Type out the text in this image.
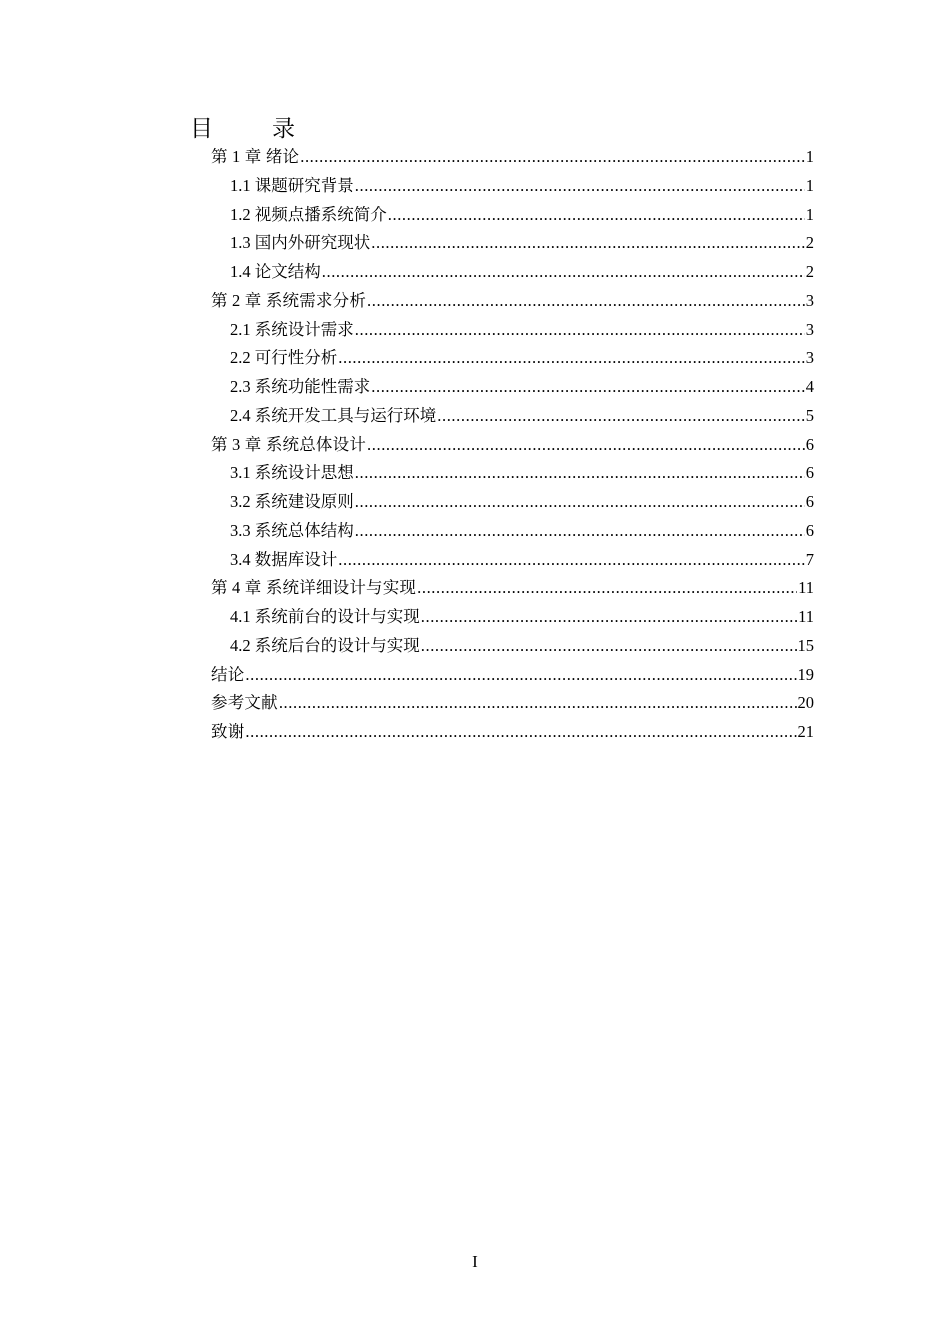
目　录
第 1 章 绪论 .....	1
1.1 课题研究背景 .....	1
1.2 视频点播系统简介 .....	1
1.3 国内外研究现状 .....	2
1.4 论文结构 .....	2
第 2 章 系统需求分析 .....	3
2.1 系统设计需求 .....	3
2.2 可行性分析 .....	3
2.3 系统功能性需求 .....	4
2.4 系统开发工具与运行环境 .....	5
第 3 章 系统总体设计 .....	6
3.1 系统设计思想 .....	6
3.2 系统建设原则 .....	6
3.3 系统总体结构 .....	6
3.4 数据库设计 .....	7
第 4 章 系统详细设计与实现 .....	11
4.1 系统前台的设计与实现 .....	11
4.2 系统后台的设计与实现 .....	15
结论 .....	19
参考文献 .....	20
致谢 .....	21
I
